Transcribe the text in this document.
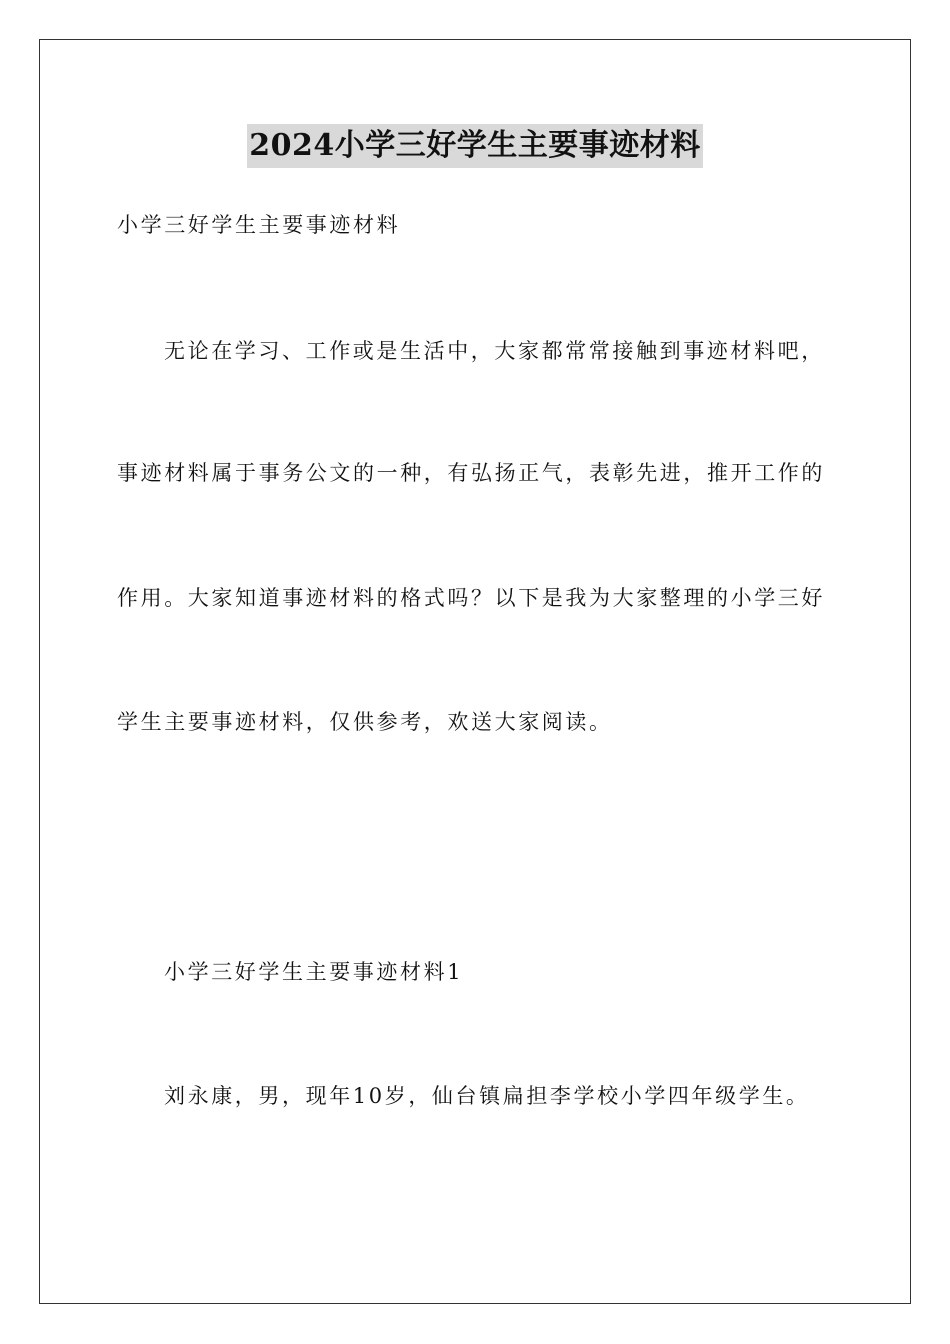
2024小学三好学生主要事迹材料
小学三好学生主要事迹材料
无论在学习、工作或是生活中，大家都常常接触到事迹材料吧，
事迹材料属于事务公文的一种，有弘扬正气，表彰先进，推开工作的
作用。大家知道事迹材料的格式吗？以下是我为大家整理的小学三好
学生主要事迹材料，仅供参考，欢送大家阅读。
小学三好学生主要事迹材料1
刘永康，男，现年10岁，仙台镇扁担李学校小学四年级学生。
